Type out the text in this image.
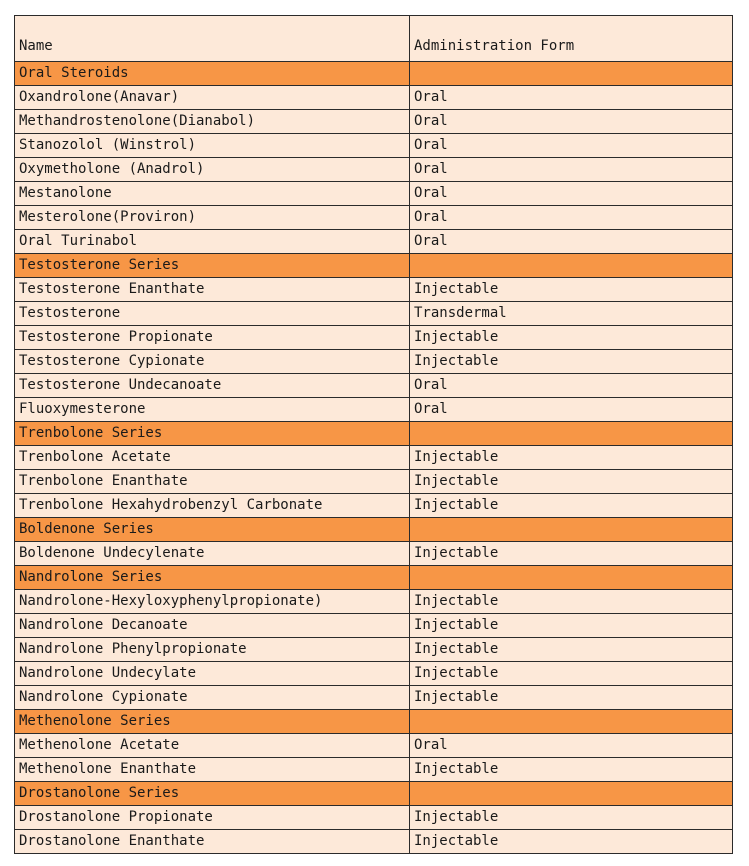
Name	Administration Form
Oral Steroids	
Oxandrolone(Anavar)	Oral
Methandrostenolone(Dianabol)	Oral
Stanozolol (Winstrol)	Oral
Oxymetholone (Anadrol)	Oral
Mestanolone	Oral
Mesterolone(Proviron)	Oral
Oral Turinabol	Oral
Testosterone Series	
Testosterone Enanthate	Injectable
Testosterone	Transdermal
Testosterone Propionate	Injectable
Testosterone Cypionate	Injectable
Testosterone Undecanoate	Oral
Fluoxymesterone	Oral
Trenbolone Series	
Trenbolone Acetate	Injectable
Trenbolone Enanthate	Injectable
Trenbolone Hexahydrobenzyl Carbonate	Injectable
Boldenone Series	
Boldenone Undecylenate	Injectable
Nandrolone Series	
Nandrolone-Hexyloxyphenylpropionate)	Injectable
Nandrolone Decanoate	Injectable
Nandrolone Phenylpropionate	Injectable
Nandrolone Undecylate	Injectable
Nandrolone Cypionate	Injectable
Methenolone Series	
Methenolone Acetate	Oral
Methenolone Enanthate	Injectable
Drostanolone Series	
Drostanolone Propionate	Injectable
Drostanolone Enanthate	Injectable
